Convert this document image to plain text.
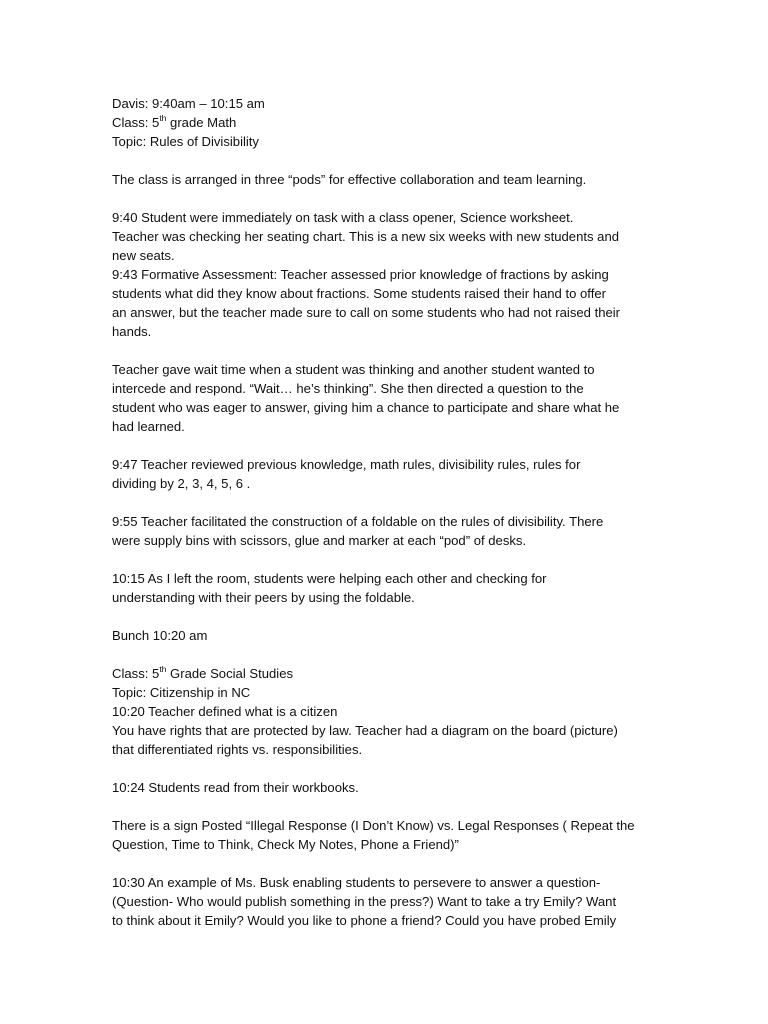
Davis: 9:40am – 10:15 am
Class: 5th grade Math
Topic: Rules of Divisibility
The class is arranged in three “pods” for effective collaboration and team learning.
9:40 Student were immediately on task with a class opener, Science worksheet.
Teacher was checking her seating chart. This is a new six weeks with new students and
new seats.
9:43 Formative Assessment: Teacher assessed prior knowledge of fractions by asking
students what did they know about fractions. Some students raised their hand to offer
an answer, but the teacher made sure to call on some students who had not raised their
hands.
Teacher gave wait time when a student was thinking and another student wanted to
intercede and respond. “Wait… he’s thinking”. She then directed a question to the
student who was eager to answer, giving him a chance to participate and share what he
had learned.
9:47 Teacher reviewed previous knowledge, math rules, divisibility rules, rules for
dividing by 2, 3, 4, 5, 6 .
9:55 Teacher facilitated the construction of a foldable on the rules of divisibility. There
were supply bins with scissors, glue and marker at each “pod” of desks.
10:15 As I left the room, students were helping each other and checking for
understanding with their peers by using the foldable.
Bunch 10:20 am
Class: 5th Grade Social Studies
Topic: Citizenship in NC
10:20 Teacher defined what is a citizen
You have rights that are protected by law. Teacher had a diagram on the board (picture)
that differentiated rights vs. responsibilities.
10:24 Students read from their workbooks.
There is a sign Posted “Illegal Response (I Don’t Know) vs. Legal Responses ( Repeat the
Question, Time to Think, Check My Notes, Phone a Friend)”
10:30 An example of Ms. Busk enabling students to persevere to answer a question-
(Question- Who would publish something in the press?) Want to take a try Emily? Want
to think about it Emily? Would you like to phone a friend? Could you have probed Emily
